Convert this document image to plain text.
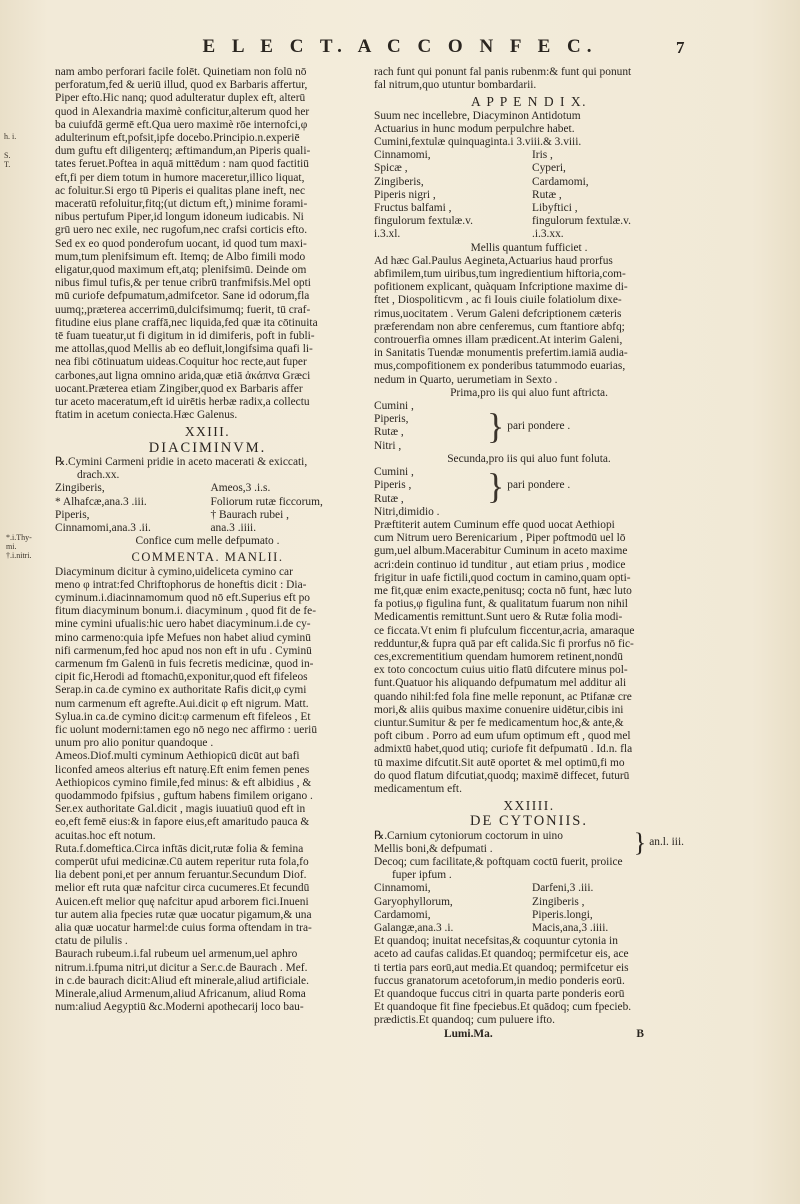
E L E C T. A C C O N F E C.	7
h. i.
S.
T.
*.i.Thy-
mi.
†.i.nitri.

nam ambo perforari facile folēt. Quinetiam non folū nō

perforatum,fed & ueriū illud, quod ex Barbaris affertur,

Piper efto.Hic nanq; quod adulteratur duplex eft, alterū

quod in Alexandria maximè conficitur,alterum quod her

ba cuiufdā germē eft.Qua uero maximè rōe internofci,φ

adulterinum eft,pofsit,ipfe docebo.Principio.n.experiē

dum guftu eft diligenterq; æftimandum,an Piperis quali-

tates feruet.Poftea in aquā mittēdum : nam quod factitiū

eft,fi per diem totum in humore maceretur,illico liquat,

ac foluitur.Si ergo tū Piperis ei qualitas plane ineft, nec

maceratū refoluitur,fitq;(ut dictum eft,) minime forami-

nibus pertufum Piper,id longum idoneum iudicabis. Ni

grū uero nec exile, nec rugofum,nec crafsi corticis efto.

Sed ex eo quod ponderofum uocant, id quod tum maxi-

mum,tum plenifsimum eft. Itemq; de Albo fimili modo

eligatur,quod maximum eft,atq; plenifsimū. Deinde om

nibus fimul tufis,& per tenue cribrū tranfmifsis.Mel opti

mū curiofe defpumatum,admifcetor. Sane id odorum,fla

uumq;,præterea accerrimū,dulcifsimumq; fuerit, tū craf-

fitudine eius plane craffā,nec liquida,fed quæ ita cōtinuita

tē fuam tueatur,ut fi digitum in id dimiferis, poft in fubli-

me attollas,quod Mellis ab eo defluit,longifsima quafi li-

nea fibi cōtinuatum uideas.Coquitur hoc recte,aut fuper

carbones,aut ligna omnino arida,quæ etiā ἀκάπνα Græci

uocant.Præterea etiam Zingiber,quod ex Barbaris affer

tur aceto maceratum,eft id uirētis herbæ radix,a collectu

ftatim in acetum coniecta.Hæc Galenus.

XXIII.
DIACIMINVM.

℞.Cymini Carmeni pridie in aceto macerati & exiccati,

drach.xx.

Zingiberis,	Ameos,3 .i.s.
* Alhafcæ,ana.3 .iii.	Foliorum rutæ ficcorum,
Piperis,	† Baurach rubei ,
Cinnamomi,ana.3 .ii.	ana.3 .iiii.

Confice cum melle defpumato .

COMMENTA. MANLII.

Diacyminum dicitur à cymino,uideliceta cymino car

meno φ intrat:fed Chriftophorus de honeftis dicit : Dia-

cyminum.i.diacinnamomum quod nō eft.Superius eft po

fitum diacyminum bonum.i. diacyminum , quod fit de fe-

mine cymini ufualis:hic uero habet diacyminum.i.de cy-

mino carmeno:quia ipfe Mefues non habet aliud cyminū

nifi carmenum,fed hoc apud nos non eft in ufu . Cyminū

carmenum fm Galenū in fuis fecretis medicinæ, quod in-

cipit fic,Herodi ad ftomachū,exponitur,quod eft fifeleos

Serap.in ca.de cymino ex authoritate Rafis dicit,φ cymi

num carmenum eft agrefte.Aui.dicit φ eft nigrum. Matt.

Sylua.in ca.de cymino dicit:φ carmenum eft fifeleos , Et

fic uolunt moderni:tamen ego nō nego nec affirmo : ueriū

unum pro alio ponitur quandoque .

Ameos.Diof.multi cyminum Aethiopicū dicūt aut bafi

liconfed ameos alterius eft naturę.Eft enim femen penes

Aethiopicos cymino fimile,fed minus: & eft albidius , &

quodammodo fpifsius , guftum habens fimilem origano .

Ser.ex authoritate Gal.dicit , magis iuuatiuū quod eft in

eo,eft femē eius:& in fapore eius,eft amaritudo pauca &

acuitas.hoc eft notum.

Ruta.f.domeftica.Circa inftās dicit,rutæ folia & femina

comperūt ufui medicinæ.Cū autem reperitur ruta fola,fo

lia debent poni,et per annum feruantur.Secundum Diof.

melior eft ruta quæ nafcitur circa cucumeres.Et fecundū

Auicen.eft melior quę nafcitur apud arborem fici.Inueni

tur autem alia fpecies rutæ quæ uocatur pigamum,& una

alia quæ uocatur harmel:de cuius forma oftendam in tra-

ctatu de pilulis .

Baurach rubeum.i.fal rubeum uel armenum,uel aphro

nitrum.i.fpuma nitri,ut dicitur a Ser.c.de Baurach . Mef.

in c.de baurach dicit:Aliud eft minerale,aliud artificiale.

Minerale,aliud Armenum,aliud Africanum, aliud Roma

num:aliud Aegyptiū &c.Moderni apothecarij loco bau-

rach funt qui ponunt fal panis rubenm:& funt qui ponunt

fal nitrum,quo utuntur bombardarii.

A P P E N D I X.

Suum nec incellebre, Diacyminon Antidotum

Actuarius in hunc modum perpulchre habet.

Cumini,fextulæ quinquaginta.i 3.viii.& 3.viii.

Cinnamomi,	Iris ,
Spicæ ,	Cyperi,
Zingiberis,	Cardamomi,
Piperis nigri ,	Rutæ ,
Fructus balfami ,	Libyftici ,
fingulorum fextulæ.v.	fingulorum fextulæ.v.
i.3.xl.	.i.3.xx.

Mellis quantum fufficiet .

Ad hæc Gal.Paulus Aegineta,Actuarius haud prorfus

abfimilem,tum uiribus,tum ingredientium hiftoria,com-

pofitionem explicant, quàquam Infcriptione maxime di-

ftet , Diospoliticvm , ac fi Iouis ciuile folatiolum dixe-

rimus,uocitatem . Verum Galeni defcriptionem cæteris

præferendam non abre cenferemus, cum ftantiore abfq;

controuerfia omnes illam prædicent.At interim Galeni,

in Sanitatis Tuendæ monumentis prefertim.iamiā audia-

mus,compofitionem ex ponderibus tatummodo euarias,

nedum in Quarto, uerumetiam in Sexto .

Prima,pro iis qui aluo funt aftricta.

Cumini ,

Piperis,

Rutæ ,

Nitri ,	} pari pondere .

Secunda,pro iis qui aluo funt foluta.

Cumini ,

Piperis ,

Rutæ ,	} pari pondere .

Nitri,dimidio .

Præftiterit autem Cuminum effe quod uocat Aethiopi

cum Nitrum uero Berenicarium , Piper poftmodū uel lō

gum,uel album.Macerabitur Cuminum in aceto maxime

acri:dein continuo id tunditur , aut etiam prius , modice

frigitur in uafe fictili,quod coctum in camino,quam opti-

me fit,quæ enim exacte,penitusq; cocta nō funt, hæc luto

fa potius,φ figulina funt, & qualitatum fuarum non nihil

Medicamentis remittunt.Sunt uero & Rutæ folia modi-

ce ficcata.Vt enim fi plufculum ficcentur,acria, amaraque

redduntur,& fupra quā par eft calida.Sic fi prorfus nō fic-

ces,excrementitium quendam humorem retinent,nondū

ex toto concoctum cuius uitio flatū difcutere minus pol-

funt.Quatuor his aliquando defpumatum mel additur ali

quando nihil:fed fola fine melle reponunt, ac Ptifanæ cre

mori,& aliis quibus maxime conuenire uidētur,cibis ini

ciuntur.Sumitur & per fe medicamentum hoc,& ante,&

poft cibum . Porro ad eum ufum optimum eft , quod mel

admixtū habet,quod utiq; curiofe fit defpumatū . Id.n. fla

tū maxime difcutit.Sit autē oportet & mel optimū,fi mo

do quod flatum difcutiat,quodq; maximē diffecet, futurū

medicamentum eft.

XXIIII.
DE CYTONIIS.

℞.Carnium cytoniorum coctorum in uino

Mellis boni,& defpumati .	} an.l. iii.

Decoq; cum facilitate,& poftquam coctū fuerit, proiice

fuper ipfum .

Cinnamomi,	Darfeni,3 .iii.
Garyophyllorum,	Zingiberis ,
Cardamomi,	Piperis.longi,
Galangæ,ana.3 .i.	Macis,ana,3 .iiii.

Et quandoq; inuitat necefsitas,& coquuntur cytonia in

aceto ad caufas calidas.Et quandoq; permifcetur eis, ace

ti tertia pars eorū,aut media.Et quandoq; permifcetur eis

fuccus granatorum acetoforum,in medio ponderis eorū.

Et quandoque fuccus citri in quarta parte ponderis eorū

Et quandoque fit fine fpeciebus.Et quādoq; cum fpecieb.

prædictis.Et quandoq; cum puluere ifto.

Lumi.Ma.	B
